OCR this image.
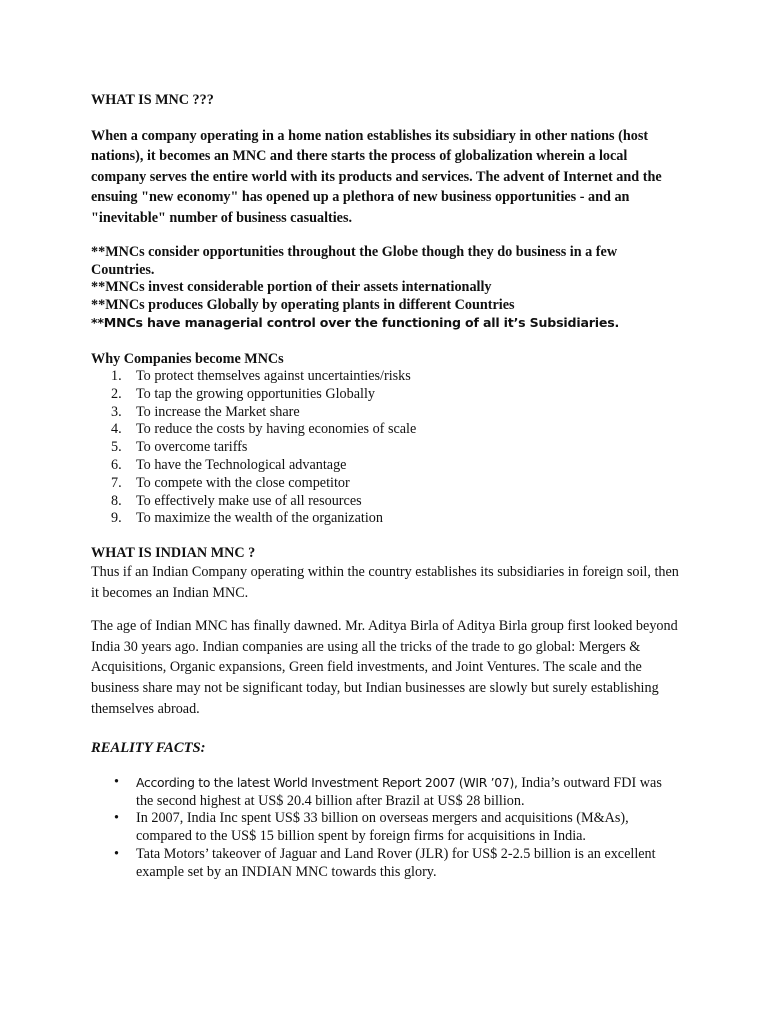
WHAT IS MNC ???

When a company operating in a home nation establishes its subsidiary in other nations (host nations), it becomes an MNC and there starts the process of globalization wherein a local company serves the entire world with its products and services. The advent of Internet and the ensuing "new economy" has opened up a plethora of new business opportunities - and an "inevitable" number of business casualties.

**MNCs consider opportunities throughout the Globe though they do business in a few Countries.
**MNCs invest considerable portion of their assets internationally
**MNCs produces Globally by operating plants in different Countries
**MNCs have managerial control over the functioning of all it’s Subsidiaries.
Why Companies become MNCs
1. To protect themselves against uncertainties/risks
2. To tap the growing opportunities Globally
3. To increase the Market share
4. To reduce the costs by having economies of scale
5. To overcome tariffs
6. To have the Technological advantage
7. To compete with the close competitor
8. To effectively make use of all resources
9. To maximize the wealth of the organization
WHAT IS INDIAN MNC ?

Thus if an Indian Company operating within the country establishes its subsidiaries in foreign soil, then it becomes an Indian MNC.

The age of Indian MNC has finally dawned. Mr. Aditya Birla of Aditya Birla group first looked beyond India 30 years ago. Indian companies are using all the tricks of the trade to go global: Mergers & Acquisitions, Organic expansions, Green field investments, and Joint Ventures. The scale and the business share may not be significant today, but Indian businesses are slowly but surely establishing themselves abroad.

REALITY FACTS:
• According to the latest World Investment Report 2007 (WIR ’07), India’s outward FDI was the second highest at US$ 20.4 billion after Brazil at US$ 28 billion.
• In 2007, India Inc spent US$ 33 billion on overseas mergers and acquisitions (M&As), compared to the US$ 15 billion spent by foreign firms for acquisitions in India.
• Tata Motors’ takeover of Jaguar and Land Rover (JLR) for US$ 2-2.5 billion is an excellent example set by an INDIAN MNC towards this glory.
